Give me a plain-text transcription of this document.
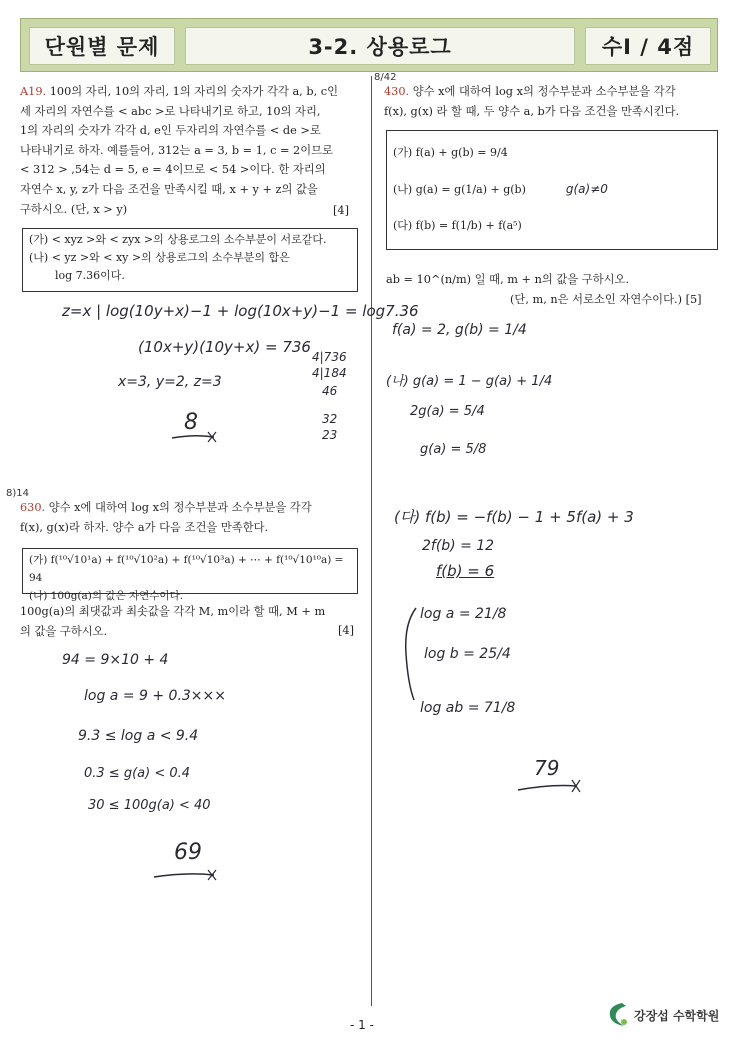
단원별 문제	3-2. 상용로그	수Ⅰ / 4점
A19. 100의 자리, 10의 자리, 1의 자리의 숫자가 각각 a, b, c인
세 자리의 자연수를 < abc >로 나타내기로 하고, 10의 자리,
1의 자리의 숫자가 각각 d, e인 두자리의 자연수를 < de >로
나타내기로 하자. 예를들어, 312는 a = 3, b = 1, c = 2이므로
< 312 > ,54는 d = 5, e = 4이므로 < 54 >이다. 한 자리의
자연수 x, y, z가 다음 조건을 만족시킬 때, x + y + z의 값을
구하시오. (단, x > y)	[4]
(가) < xyz >와 < zyx >의 상용로그의 소수부분이 서로같다.
(나) < yz >와 < xy >의 상용로그의 소수부분의 합은
log 7.36이다.
z=x | log(10y+x)−1 + log(10x+y)−1 = log7.36
(10x+y)(10y+x) = 736
x=3, y=2, z=3
8
4|736
4|184
46
32
23
8)14
630. 양수 x에 대하여 log x의 정수부분과 소수부분을 각각
f(x), g(x)라 하자. 양수 a가 다음 조건을 만족한다.
(가) f(¹⁰√10¹a) + f(¹⁰√10²a) + f(¹⁰√10³a) + ⋯ + f(¹⁰√10¹⁰a) = 94
(나) 100g(a)의 값은 자연수이다.
100g(a)의 최댓값과 최솟값을 각각 M, m이라 할 때, M + m
의 값을 구하시오.	[4]
94 = 9×10 + 4
log a = 9 + 0.3×××
9.3 ≤ log a < 9.4
0.3 ≤ g(a) < 0.4
30 ≤ 100g(a) < 40
69
8/42
430. 양수 x에 대하여 log x의 정수부분과 소수부분을 각각
f(x), g(x) 라 할 때, 두 양수 a, b가 다음 조건을 만족시킨다.
(가) f(a) + g(b) = 9/4
(나) g(a) = g(1/a) + g(b)	g(a)≠0
(다) f(b) = f(1/b) + f(a⁵)
ab = 10^(n/m) 일 때, m + n의 값을 구하시오.
(단, m, n은 서로소인 자연수이다.) [5]
f(a) = 2, g(b) = 1/4
(나) g(a) = 1 − g(a) + 1/4
2g(a) = 5/4
g(a) = 5/8
(다) f(b) = −f(b) − 1 + 5f(a) + 3
2f(b) = 12
f(b) = 6
log a = 21/8
log b = 25/4
log ab = 71/8
79
- 1 -
강장섭 수학학원
